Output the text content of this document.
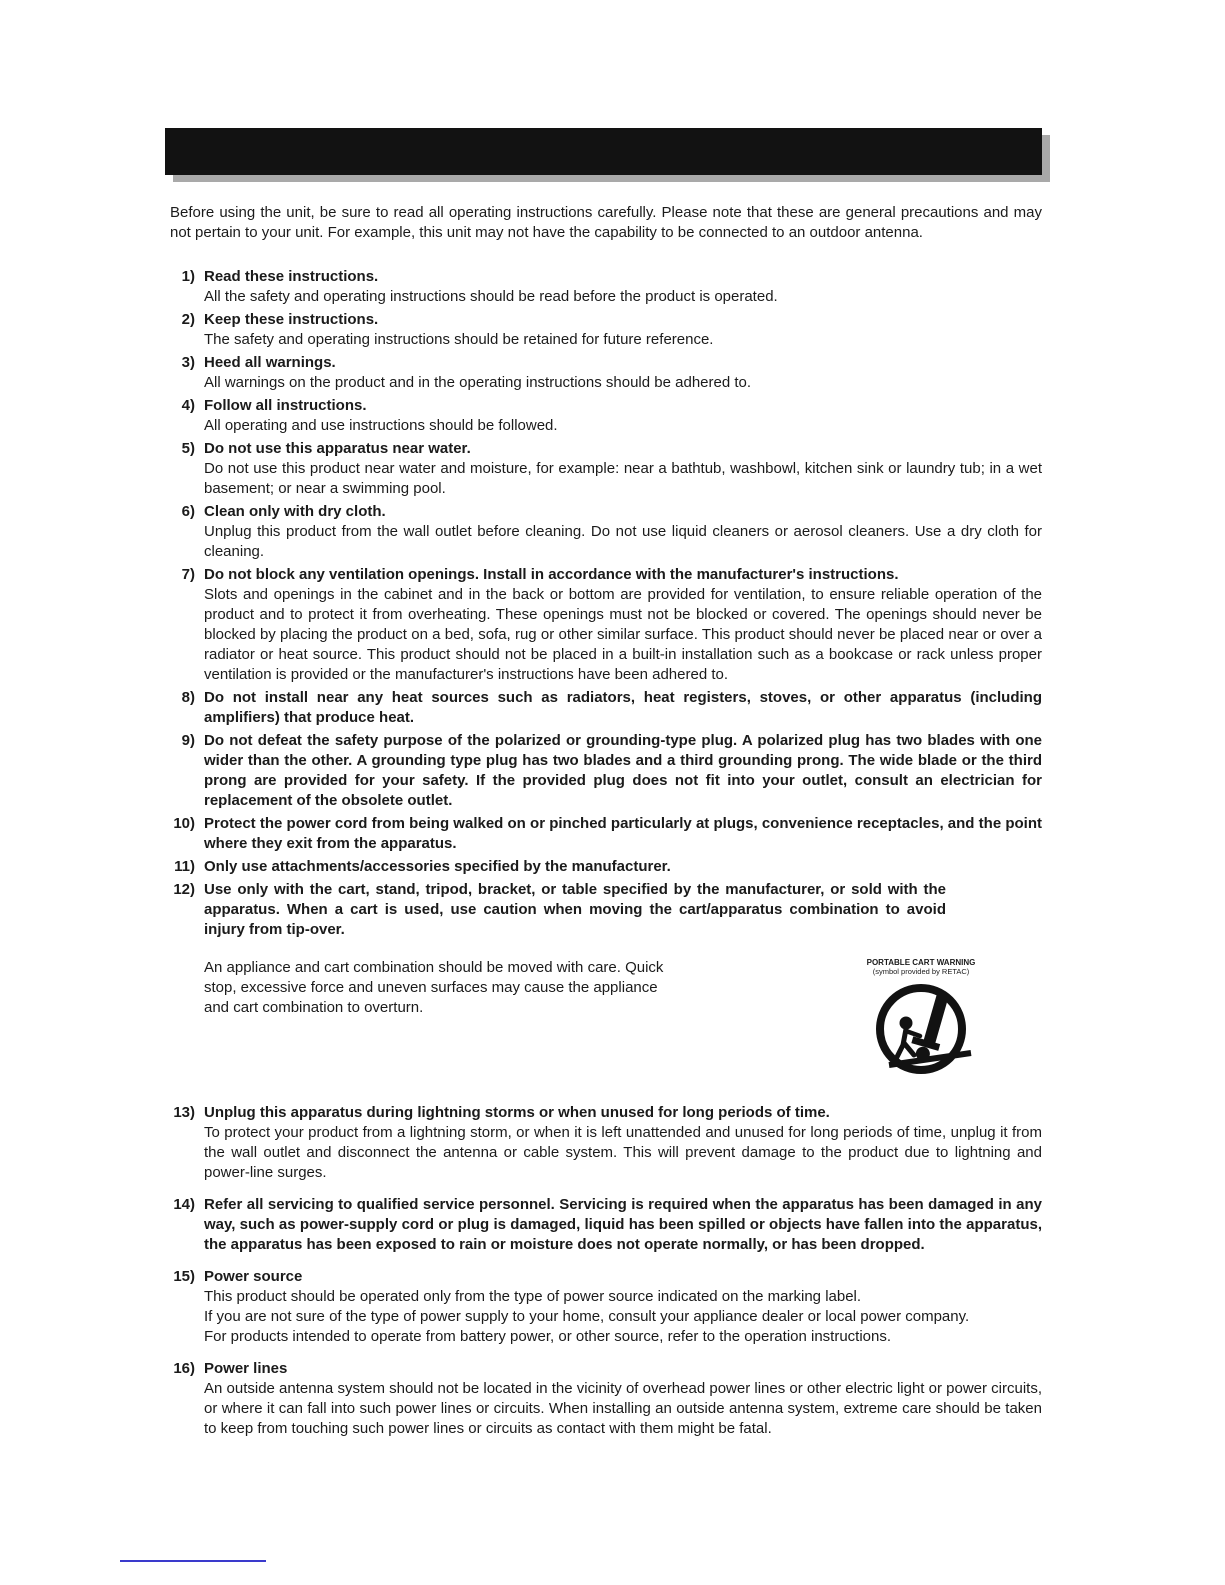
Before using the unit, be sure to read all operating instructions carefully. Please note that these are general precautions and may not pertain to your unit. For example, this unit may not have the capability to be connected to an outdoor antenna.

1) Read these instructions.

All the safety and operating instructions should be read before the product is operated.

2) Keep these instructions.

The safety and operating instructions should be retained for future reference.

3) Heed all warnings.

All warnings on the product and in the operating instructions should be adhered to.

4) Follow all instructions.

All operating and use instructions should be followed.

5) Do not use this apparatus near water.

Do not use this product near water and moisture, for example: near a bathtub, washbowl, kitchen sink or laundry tub; in a wet basement; or near a swimming pool.

6) Clean only with dry cloth.

Unplug this product from the wall outlet before cleaning. Do not use liquid cleaners or aerosol cleaners. Use a dry cloth for cleaning.

7) Do not block any ventilation openings. Install in accordance with the manufacturer's instructions.

Slots and openings in the cabinet and in the back or bottom are provided for ventilation, to ensure reliable operation of the product and to protect it from overheating. These openings must not be blocked or covered. The openings should never be blocked by placing the product on a bed, sofa, rug or other similar surface. This product should never be placed near or over a radiator or heat source. This product should not be placed in a built-in installation such as a bookcase or rack unless proper ventilation is provided or the manufacturer's instructions have been adhered to.

8) Do not install near any heat sources such as radiators, heat registers, stoves, or other apparatus (including amplifiers) that produce heat.
9) Do not defeat the safety purpose of the polarized or grounding-type plug. A polarized plug has two blades with one wider than the other. A grounding type plug has two blades and a third grounding prong. The wide blade or the third prong are provided for your safety. If the provided plug does not fit into your outlet, consult an electrician for replacement of the obsolete outlet.
10) Protect the power cord from being walked on or pinched particularly at plugs, convenience receptacles, and the point where they exit from the apparatus.
11) Only use attachments/accessories specified by the manufacturer.
12) Use only with the cart, stand, tripod, bracket, or table specified by the manufacturer, or sold with the apparatus. When a cart is used, use caution when moving the cart/apparatus combination to avoid injury from tip-over.

An appliance and cart combination should be moved with care. Quick stop, excessive force and uneven surfaces may cause the appliance and cart combination to overturn.

PORTABLE CART WARNING
(symbol provided by RETAC)
13) Unplug this apparatus during lightning storms or when unused for long periods of time.

To protect your product from a lightning storm, or when it is left unattended and unused for long periods of time, unplug it from the wall outlet and disconnect the antenna or cable system. This will prevent damage to the product due to lightning and power-line surges.

14) Refer all servicing to qualified service personnel. Servicing is required when the apparatus has been damaged in any way, such as power-supply cord or plug is damaged, liquid has been spilled or objects have fallen into the apparatus, the apparatus has been exposed to rain or moisture does not operate normally, or has been dropped.
15) Power source

This product should be operated only from the type of power source indicated on the marking label.

If you are not sure of the type of power supply to your home, consult your appliance dealer or local power company.

For products intended to operate from battery power, or other source, refer to the operation instructions.

16) Power lines

An outside antenna system should not be located in the vicinity of overhead power lines or other electric light or power circuits, or where it can fall into such power lines or circuits. When installing an outside antenna system, extreme care should be taken to keep from touching such power lines or circuits as contact with them might be fatal.
